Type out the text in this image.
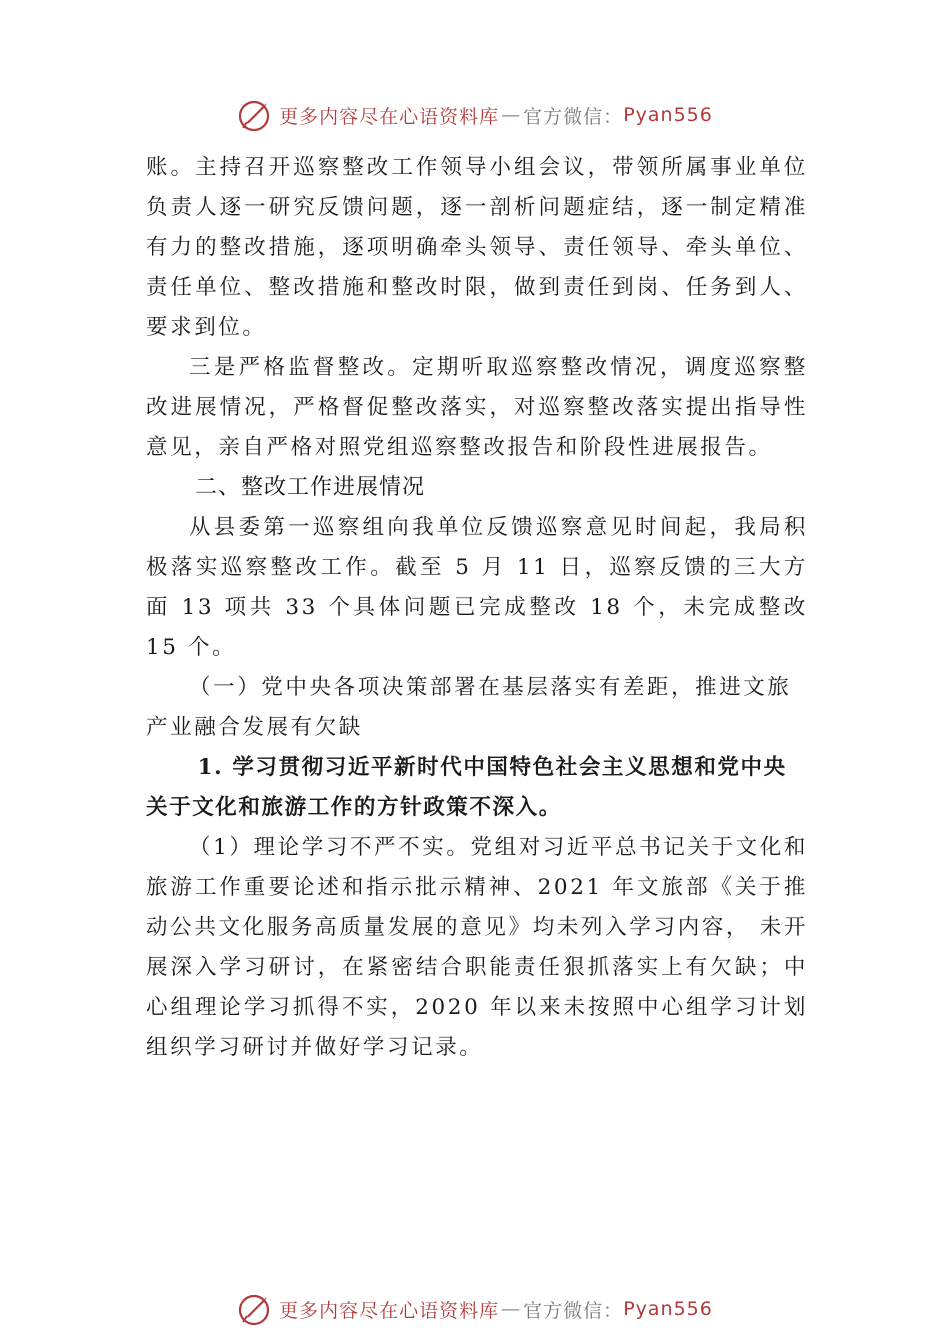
更多内容尽在心语资料库 — 官方微信： Pyan556

账。主持召开巡察整改工作领导小组会议，带领所属事业单位负责人逐一研究反馈问题，逐一剖析问题症结，逐一制定精准有力的整改措施，逐项明确牵头领导、责任领导、牵头单位、责任单位、整改措施和整改时限，做到责任到岗、任务到人、要求到位。

三是严格监督整改。定期听取巡察整改情况，调度巡察整改进展情况，严格督促整改落实，对巡察整改落实提出指导性意见，亲自严格对照党组巡察整改报告和阶段性进展报告。

二、整改工作进展情况

从县委第一巡察组向我单位反馈巡察意见时间起，我局积极落实巡察整改工作。截至 5 月 11 日，巡察反馈的三大方面 13 项共 33 个具体问题已完成整改 18 个，未完成整改15 个。

（一）党中央各项决策部署在基层落实有差距，推进文旅产业融合发展有欠缺

1. 学习贯彻习近平新时代中国特色社会主义思想和党中央关于文化和旅游工作的方针政策不深入。

（1）理论学习不严不实。党组对习近平总书记关于文化和旅游工作重要论述和指示批示精神、2021 年文旅部《关于推动公共文化服务高质量发展的意见》均未列入学习内容， 未开展深入学习研讨，在紧密结合职能责任狠抓落实上有欠缺；中心组理论学习抓得不实，2020 年以来未按照中心组学习计划组织学习研讨并做好学习记录。

更多内容尽在心语资料库 — 官方微信： Pyan556
